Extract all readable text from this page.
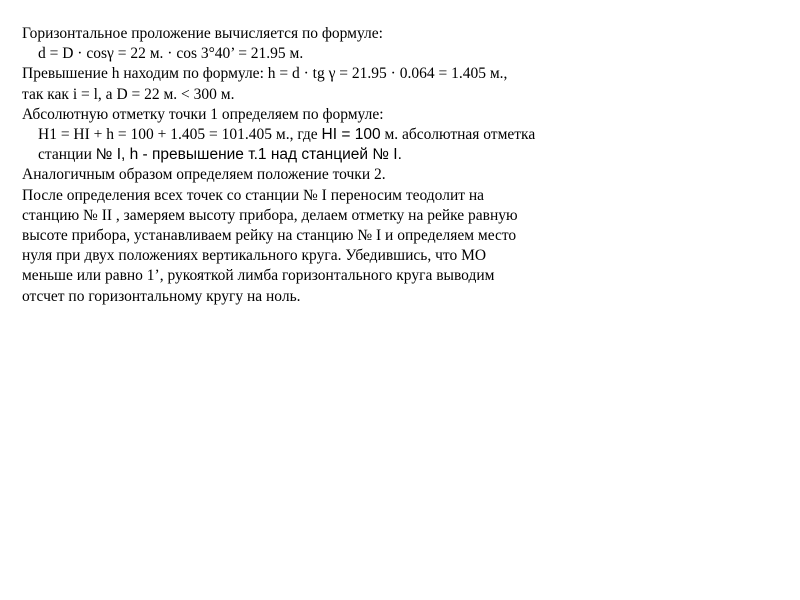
Горизонтальное проложение вычисляется по формуле:
d = D · cosγ = 22 м. · cos 3°40’ = 21.95 м.
Превышение h находим по формуле: h = d · tg γ = 21.95 · 0.064 = 1.405 м.,
так как i = l, а D = 22 м. < 300 м.
Абсолютную отметку точки 1 определяем по формуле:
H1 = HI + h = 100 + 1.405 = 101.405 м., где HI = 100 м. абсолютная отметка
станции № I, h - превышение т.1 над станцией № I.
Аналогичным образом определяем положение точки 2.
После определения всех точек со станции № I переносим теодолит на
станцию № II , замеряем высоту прибора, делаем отметку на рейке равную
высоте прибора, устанавливаем рейку на станцию № I и определяем место
нуля при двух положениях вертикального круга. Убедившись, что МО
меньше или равно 1’, рукояткой лимба горизонтального круга выводим
отсчет по горизонтальному кругу на ноль.
